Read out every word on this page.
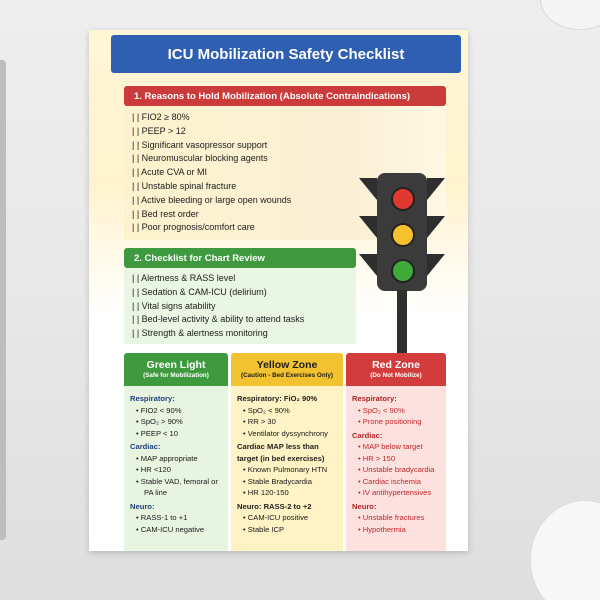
ICU Mobilization Safety Checklist
1. Reasons to Hold Mobilization (Absolute Contraindications)
| | FIO2 ≥ 80%
| | PEEP > 12
| | Significant vasopressor support
| | Neuromuscular blocking agents
| | Acute CVA or MI
| | Unstable spinal fracture
| | Active bleeding or large open wounds
| | Bed rest order
| | Poor prognosis/comfort care
2. Checklist for Chart Review
| | Alertness & RASS level
| | Sedation & CAM-ICU (delirium)
| | Vital signs atability
| | Bed-level activity & ability to attend tasks
| | Strength & alertness monitoring
Green Light
(Safe for Mobilization)
Respiratory:
• FIO2 < 90%
• SpO₂ > 90%
• PEEP < 10
Cardiac:
• MAP appropriate
• HR <120
• Stable VAD, femoral or PA line
Neuro:
• RASS-1 to +1
• CAM-ICU negative
Yellow Zone
(Caution - Bed Exercises Only)
Respiratory: FiO₂ 90%
• SpO₂ < 90%
• RR > 30
• Ventilator dyssynchrony
Cardiac MAP less than target (in bed exercises)
• Known Pulmonary HTN
• Stable Bradycardia
• HR 120-150
Neuro: RASS-2 to +2
• CAM-ICU positive
• Stable ICP
Red Zone
(Do Not Mobilize)
Respiratory:
• SpO₂ < 90%
• Prone positioning
Cardiac:
• MAP below target
• HR > 150
• Unstable bradycardia
• Cardiac ischemia
• IV antihypertensives
Neuro:
• Unstable fractures
• Hypothermia
